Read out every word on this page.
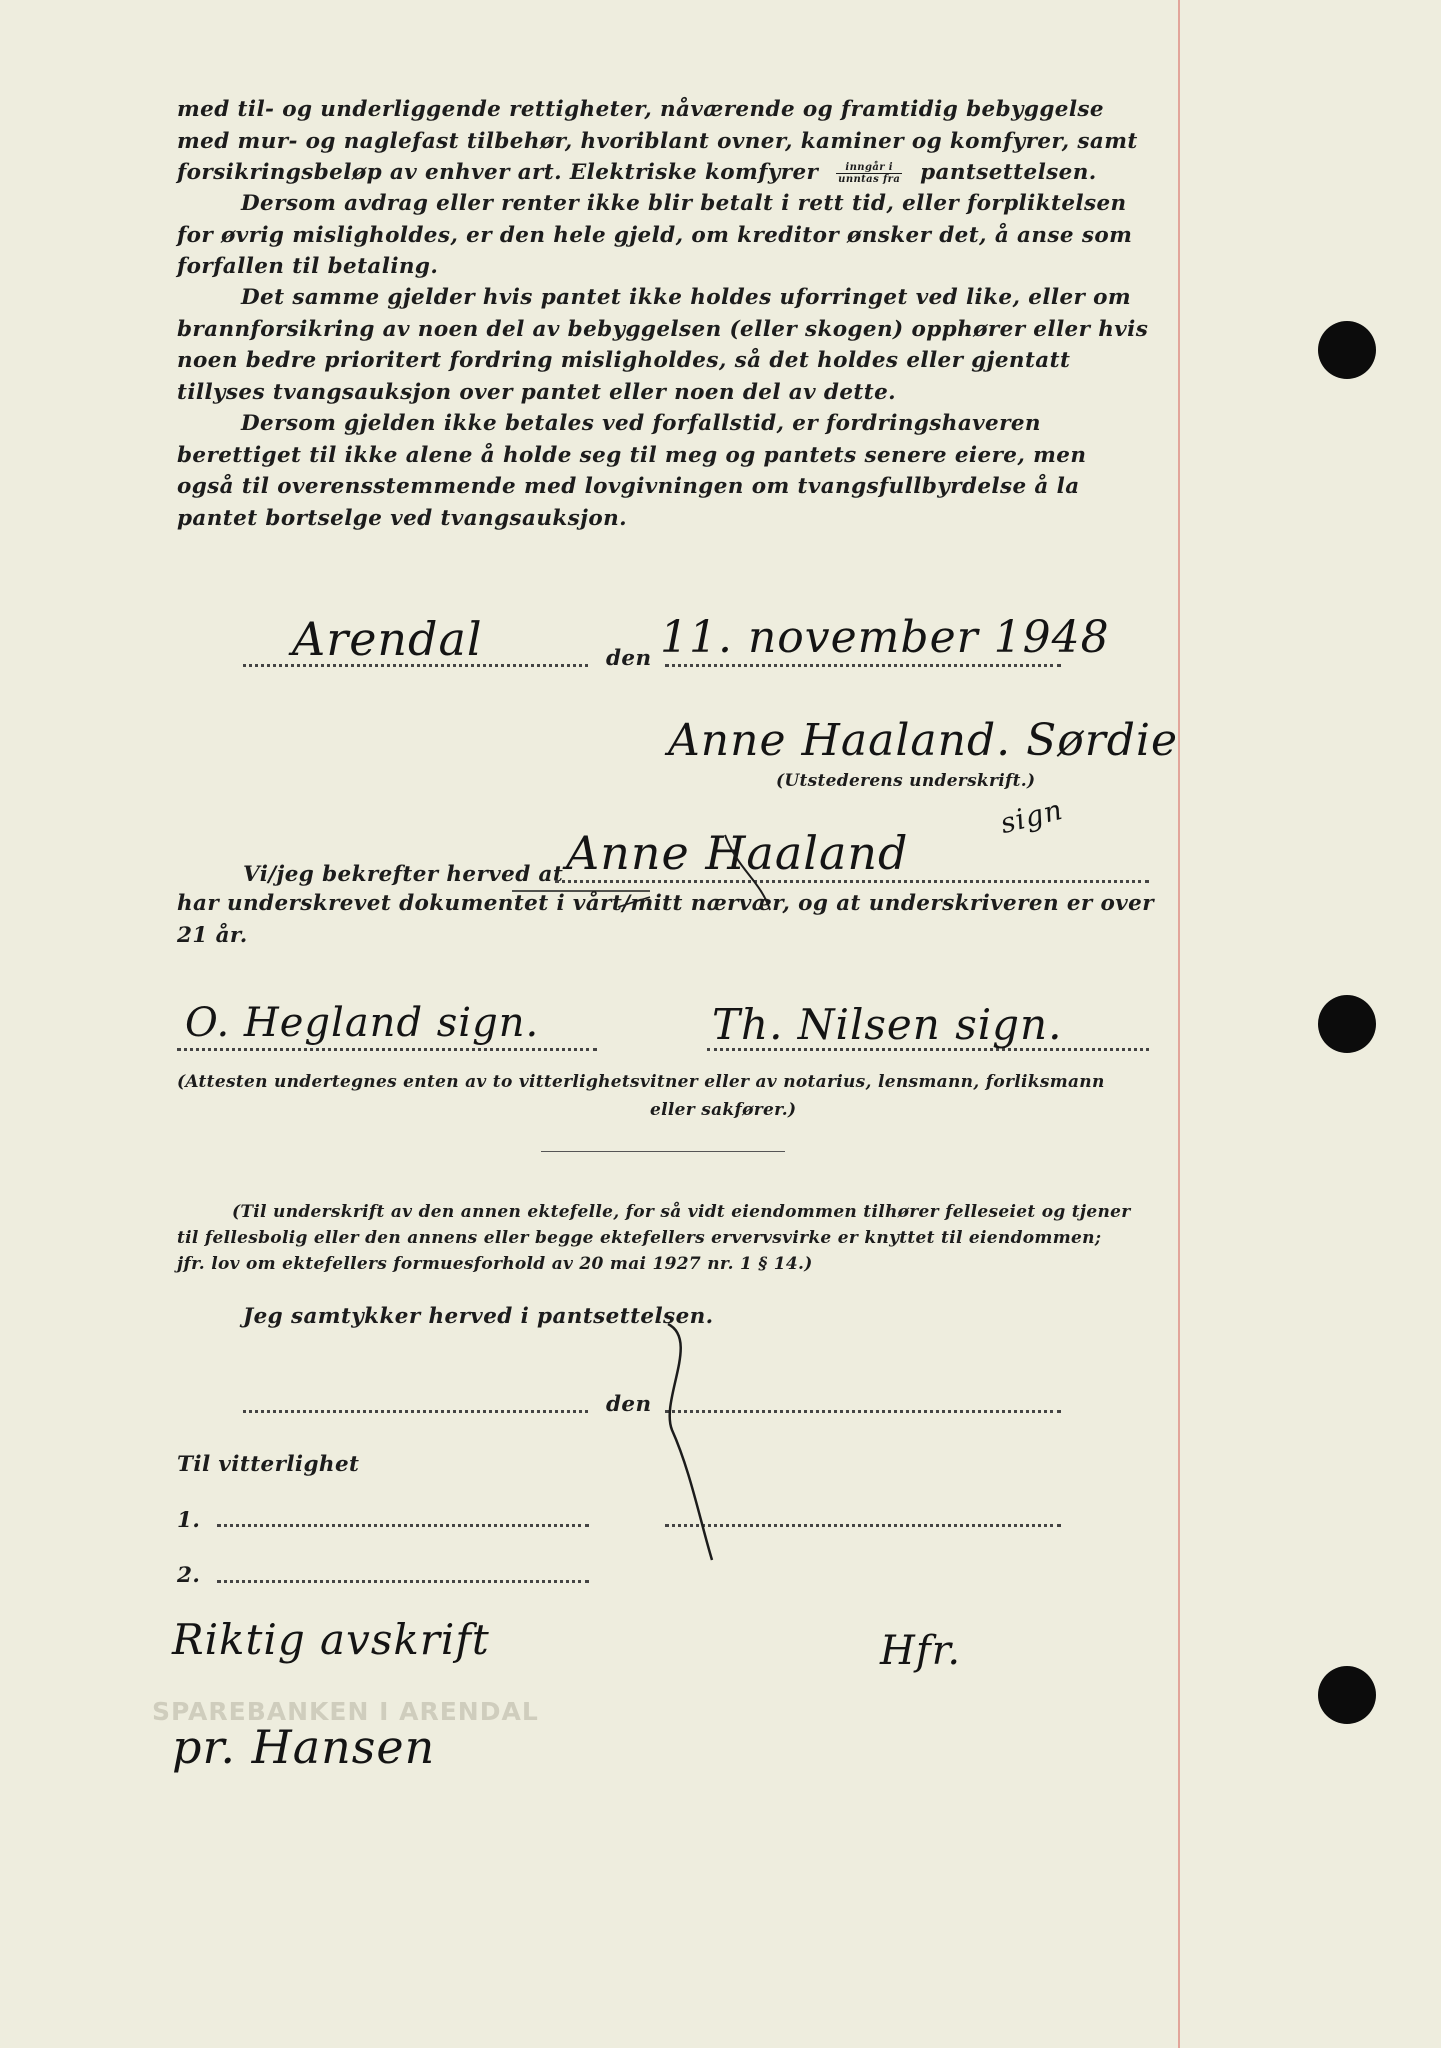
med til- og underliggende rettigheter, nåværende og framtidig bebyggelse med mur- og naglefast tilbehør, hvoriblant ovner, kaminer og komfyrer, samt forsikringsbeløp av enhver art. Elektriske komfyrer $\frac{\text{inngår i}}{\text{unntas fra}}$ pantsettelsen.
Dersom avdrag eller renter ikke blir betalt i rett tid, eller forpliktelsen for øvrig misligholdes, er den hele gjeld, om kreditor ønsker det, å anse som forfallen til betaling.
Det samme gjelder hvis pantet ikke holdes uforringet ved like, eller om brannforsikring av noen del av bebyggelsen (eller skogen) opphører eller hvis noen bedre prioritert fordring misligholdes, så det holdes eller gjentatt tillyses tvangsauksjon over pantet eller noen del av dette.
Dersom gjelden ikke betales ved forfallstid, er fordringshaveren berettiget til ikke alene å holde seg til meg og pantets senere eiere, men også til overensstemmende med lovgivningen om tvangsfullbyrdelse å la pantet bortselge ved tvangsauksjon.
Arendal	den 11. november 1948
Anne Haaland. Sørdie
(Utstederens underskrift.)
sign
Vi/jeg bekrefter herved at Anne Haaland
har underskrevet dokumentet i vårt/mitt nærvær, og at underskriveren er over
21 år.
O. Hegland sign.	Th. Nilsen sign.
(Attesten undertegnes enten av to vitterlighetsvitner eller av notarius, lensmann, forliksmann
eller sakfører.)
(Til underskrift av den annen ektefelle, for så vidt eiendommen tilhører felleseiet og tjener
til fellesbolig eller den annens eller begge ektefellers ervervsvirke er knyttet til eiendommen;
jfr. lov om ektefellers formuesforhold av 20 mai 1927 nr. 1 § 14.)
Jeg samtykker herved i pantsettelsen.
den
Til vitterlighet
1.
2.
SPAREBANKEN I ARENDAL
Riktig avskrift
pr. Hansen
Hfr.
